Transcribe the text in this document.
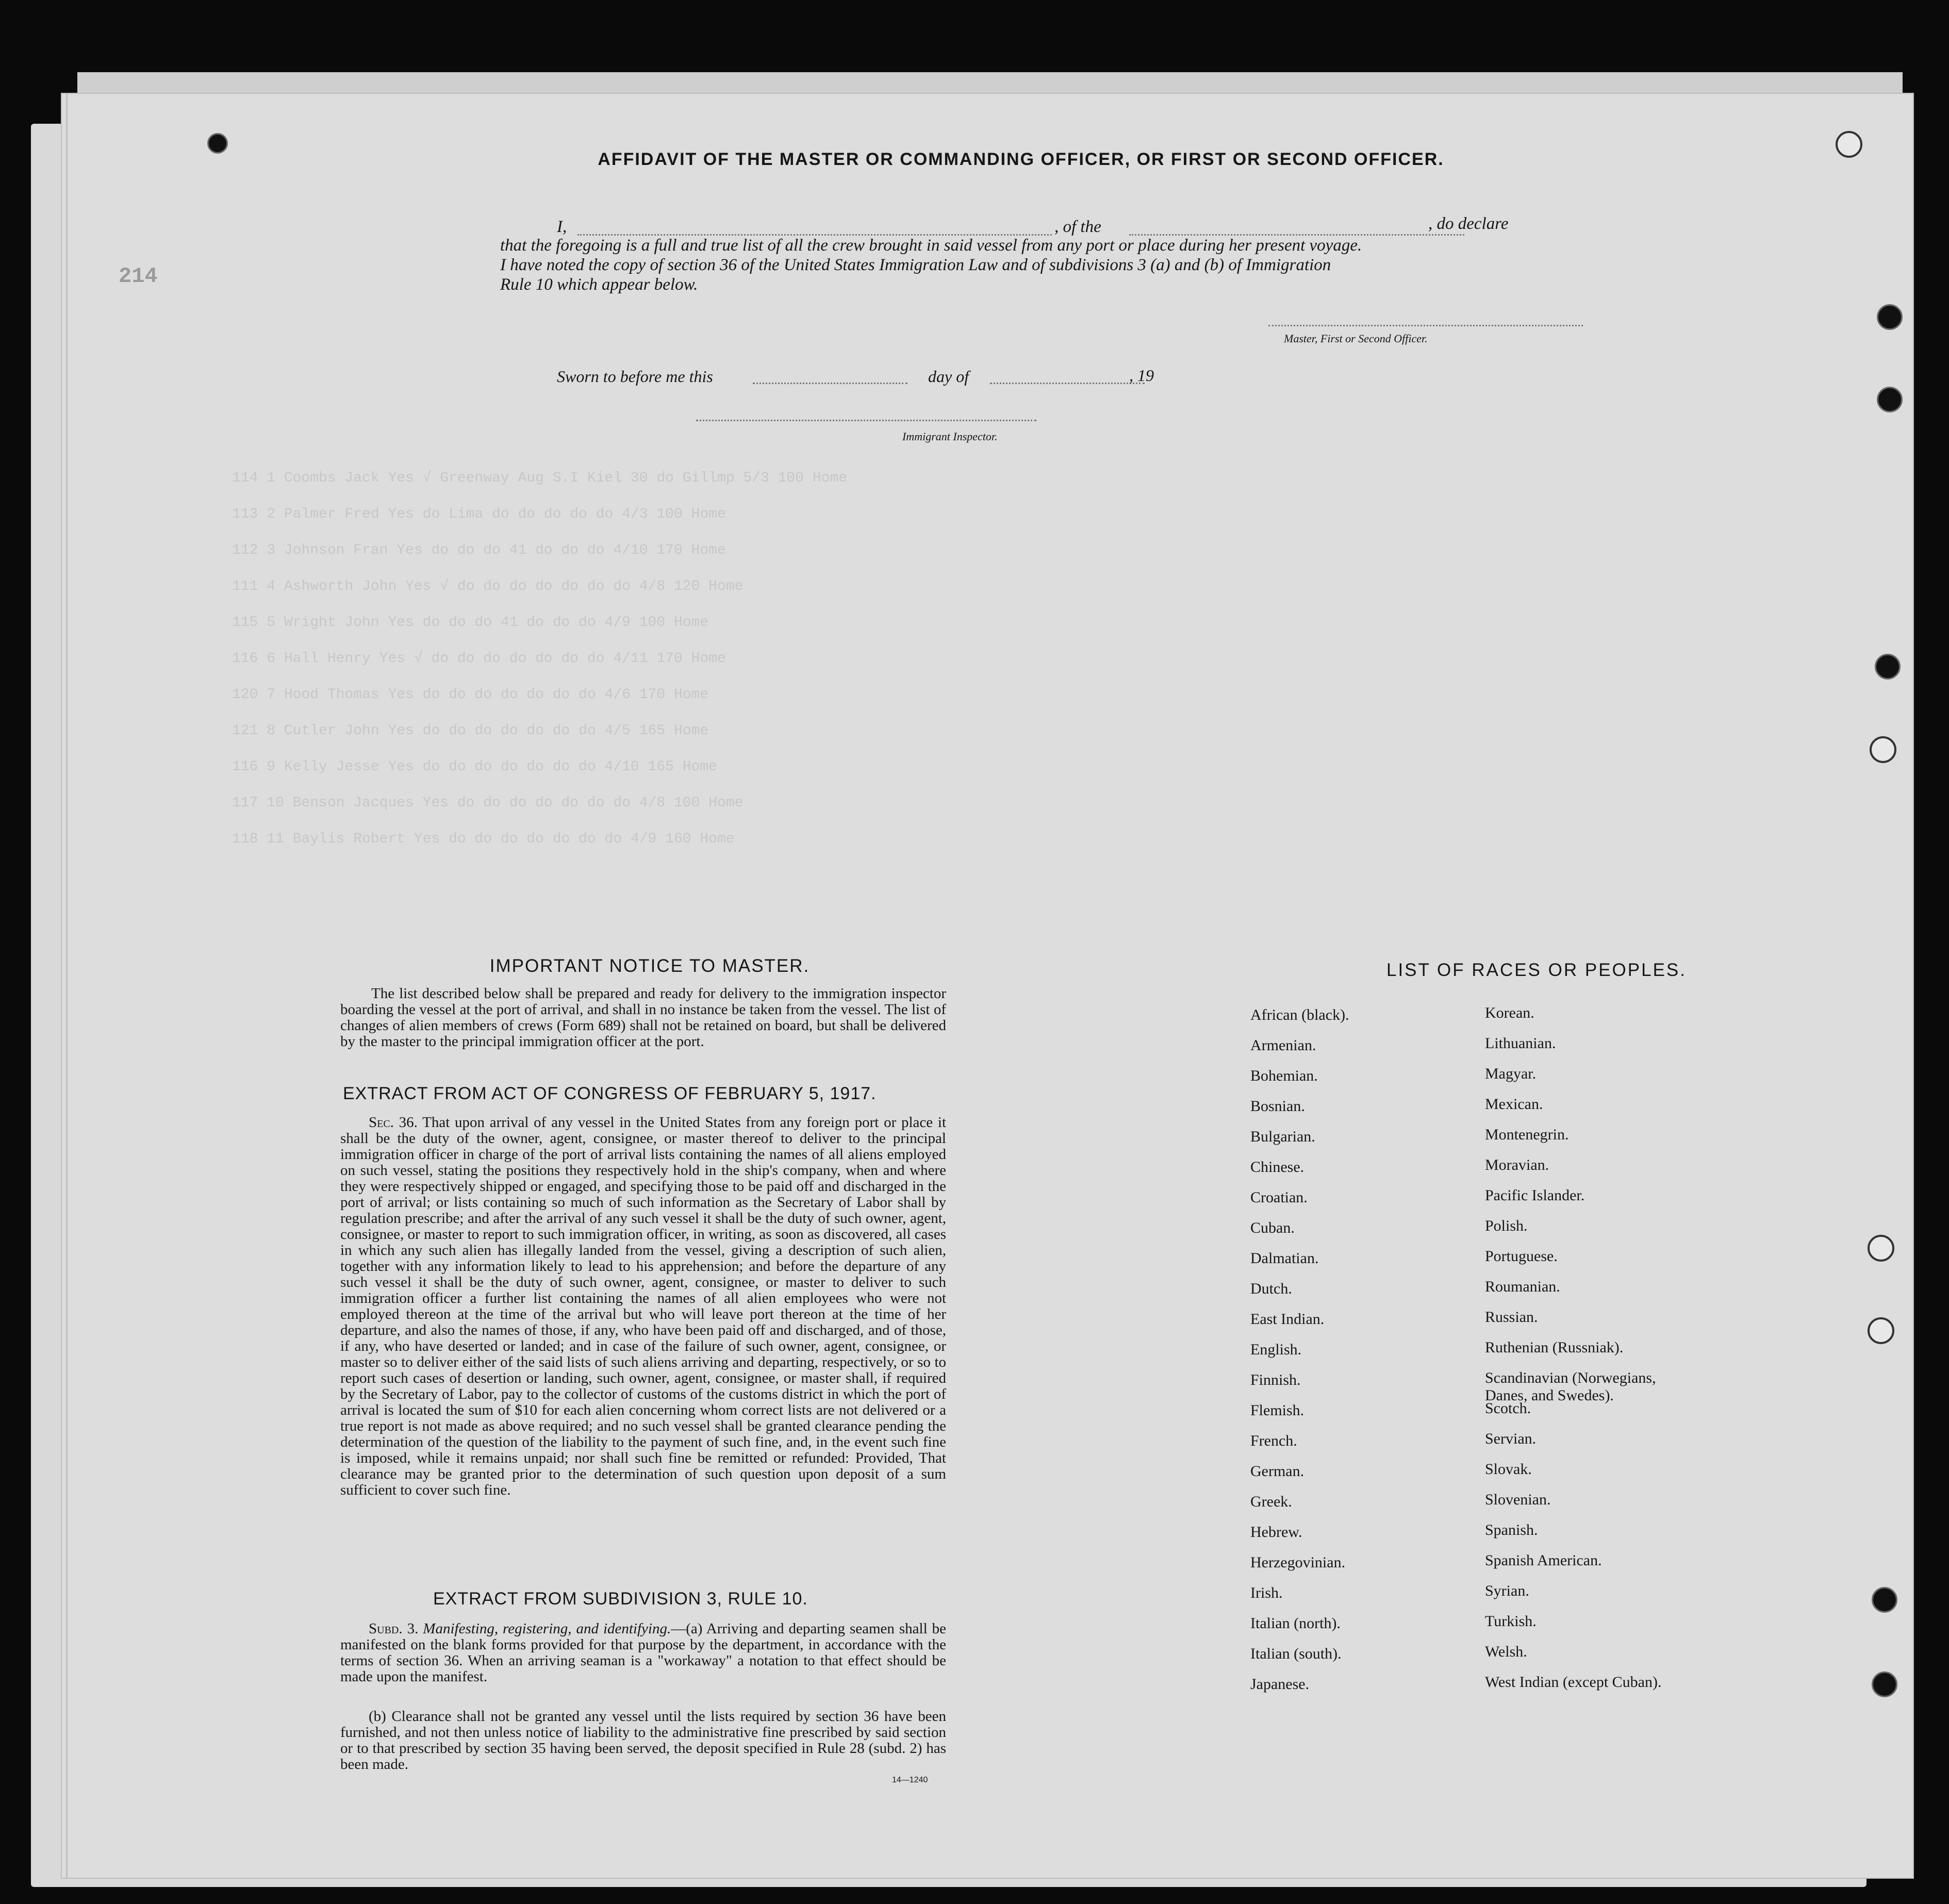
214
AFFIDAVIT OF THE MASTER OR COMMANDING OFFICER, OR FIRST OR SECOND OFFICER.
I,	, of the	, do declare
that the foregoing is a full and true list of all the crew brought in said vessel from any port or place during her present voyage.
I have noted the copy of section 36 of the United States Immigration Law and of subdivisions 3 (a) and (b) of Immigration
Rule 10 which appear below.
Master, First or Second Officer.
Sworn to before me this	day of	, 19
Immigrant Inspector.
114 1 Coombs Jack Yes √ Greenway Aug S.I Kiel 30 do Gillmp 5/3 100 Home
113 2 Palmer Fred Yes do Lima do do do do do 4/3 100 Home
112 3 Johnson Fran Yes do do do 41 do do do 4/10 170 Home
111 4 Ashworth John Yes √ do do do do do do do 4/8 120 Home
115 5 Wright John Yes do do do 41 do do do 4/9 100 Home
116 6 Hall Henry Yes √ do do do do do do do 4/11 170 Home
120 7 Hood Thomas Yes do do do do do do do 4/6 170 Home
121 8 Cutler John Yes do do do do do do do 4/5 165 Home
116 9 Kelly Jesse Yes do do do do do do do 4/10 165 Home
117 10 Benson Jacques Yes do do do do do do do 4/8 100 Home
118 11 Baylis Robert Yes do do do do do do do 4/9 160 Home
IMPORTANT NOTICE TO MASTER.
The list described below shall be prepared and ready for delivery to the immigration inspector boarding the vessel at the port of arrival, and shall in no instance be taken from the vessel. The list of changes of alien members of crews (Form 689) shall not be retained on board, but shall be delivered by the master to the principal immigration officer at the port.
EXTRACT FROM ACT OF CONGRESS OF FEBRUARY 5, 1917.
Sec. 36. That upon arrival of any vessel in the United States from any foreign port or place it shall be the duty of the owner, agent, consignee, or master thereof to deliver to the principal immigration officer in charge of the port of arrival lists containing the names of all aliens employed on such vessel, stating the positions they respectively hold in the ship's company, when and where they were respectively shipped or engaged, and specifying those to be paid off and discharged in the port of arrival; or lists containing so much of such information as the Secretary of Labor shall by regulation prescribe; and after the arrival of any such vessel it shall be the duty of such owner, agent, consignee, or master to report to such immigration officer, in writing, as soon as discovered, all cases in which any such alien has illegally landed from the vessel, giving a description of such alien, together with any information likely to lead to his apprehension; and before the departure of any such vessel it shall be the duty of such owner, agent, consignee, or master to deliver to such immigration officer a further list containing the names of all alien employees who were not employed thereon at the time of the arrival but who will leave port thereon at the time of her departure, and also the names of those, if any, who have been paid off and discharged, and of those, if any, who have deserted or landed; and in case of the failure of such owner, agent, consignee, or master so to deliver either of the said lists of such aliens arriving and departing, respectively, or so to report such cases of desertion or landing, such owner, agent, consignee, or master shall, if required by the Secretary of Labor, pay to the collector of customs of the customs district in which the port of arrival is located the sum of $10 for each alien concerning whom correct lists are not delivered or a true report is not made as above required; and no such vessel shall be granted clearance pending the determination of the question of the liability to the payment of such fine, and, in the event such fine is imposed, while it remains unpaid; nor shall such fine be remitted or refunded: Provided, That clearance may be granted prior to the determination of such question upon deposit of a sum sufficient to cover such fine.
EXTRACT FROM SUBDIVISION 3, RULE 10.
Subd. 3. Manifesting, registering, and identifying.—(a) Arriving and departing seamen shall be manifested on the blank forms provided for that purpose by the department, in accordance with the terms of section 36. When an arriving seaman is a "workaway" a notation to that effect should be made upon the manifest.
(b) Clearance shall not be granted any vessel until the lists required by section 36 have been furnished, and not then unless notice of liability to the administrative fine prescribed by said section or to that prescribed by section 35 having been served, the deposit specified in Rule 28 (subd. 2) has been made.
14—1240
LIST OF RACES OR PEOPLES.
African (black).
Armenian.
Bohemian.
Bosnian.
Bulgarian.
Chinese.
Croatian.
Cuban.
Dalmatian.
Dutch.
East Indian.
English.
Finnish.
Flemish.
French.
German.
Greek.
Hebrew.
Herzegovinian.
Irish.
Italian (north).
Italian (south).
Japanese.
Korean.
Lithuanian.
Magyar.
Mexican.
Montenegrin.
Moravian.
Pacific Islander.
Polish.
Portuguese.
Roumanian.
Russian.
Ruthenian (Russniak).
Scandinavian (Norwegians,
Danes, and Swedes).
Scotch.
Servian.
Slovak.
Slovenian.
Spanish.
Spanish American.
Syrian.
Turkish.
Welsh.
West Indian (except Cuban).
